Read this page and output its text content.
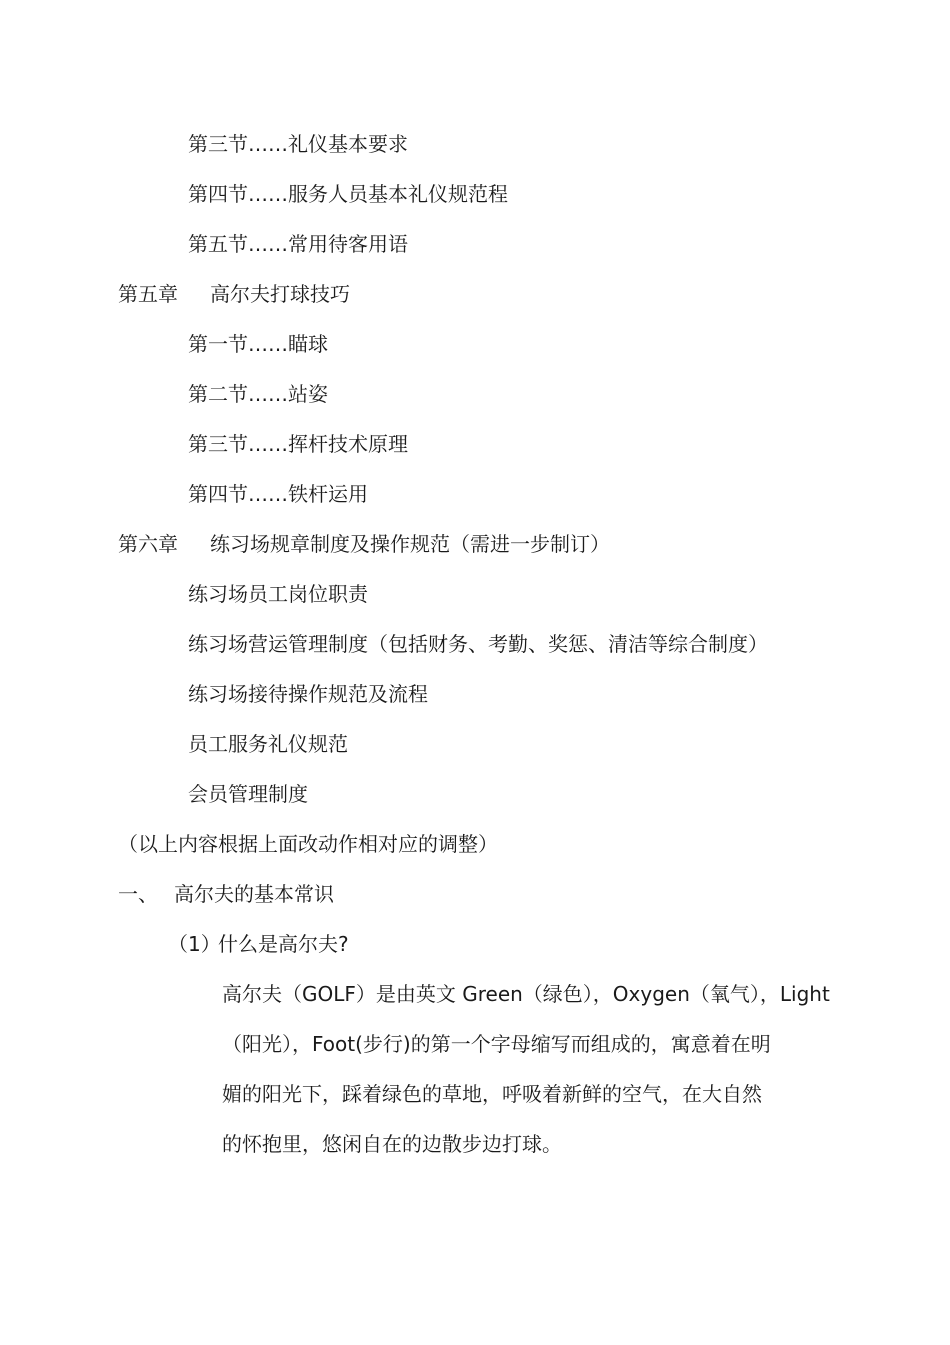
第三节……礼仪基本要求
第四节……服务人员基本礼仪规范程
第五节……常用待客用语
第五章 高尔夫打球技巧
第一节……瞄球
第二节……站姿
第三节……挥杆技术原理
第四节……铁杆运用
第六章 练习场规章制度及操作规范（需进一步制订）
练习场员工岗位职责
练习场营运管理制度（包括财务、考勤、奖惩、清洁等综合制度）
练习场接待操作规范及流程
员工服务礼仪规范
会员管理制度
（以上内容根据上面改动作相对应的调整）
一、 高尔夫的基本常识
（1）什么是高尔夫?
高尔夫（GOLF）是由英文 Green（绿色），Oxygen（氧气），Light
（阳光），Foot(步行)的第一个字母缩写而组成的，寓意着在明
媚的阳光下，踩着绿色的草地，呼吸着新鲜的空气，在大自然
的怀抱里，悠闲自在的边散步边打球。
